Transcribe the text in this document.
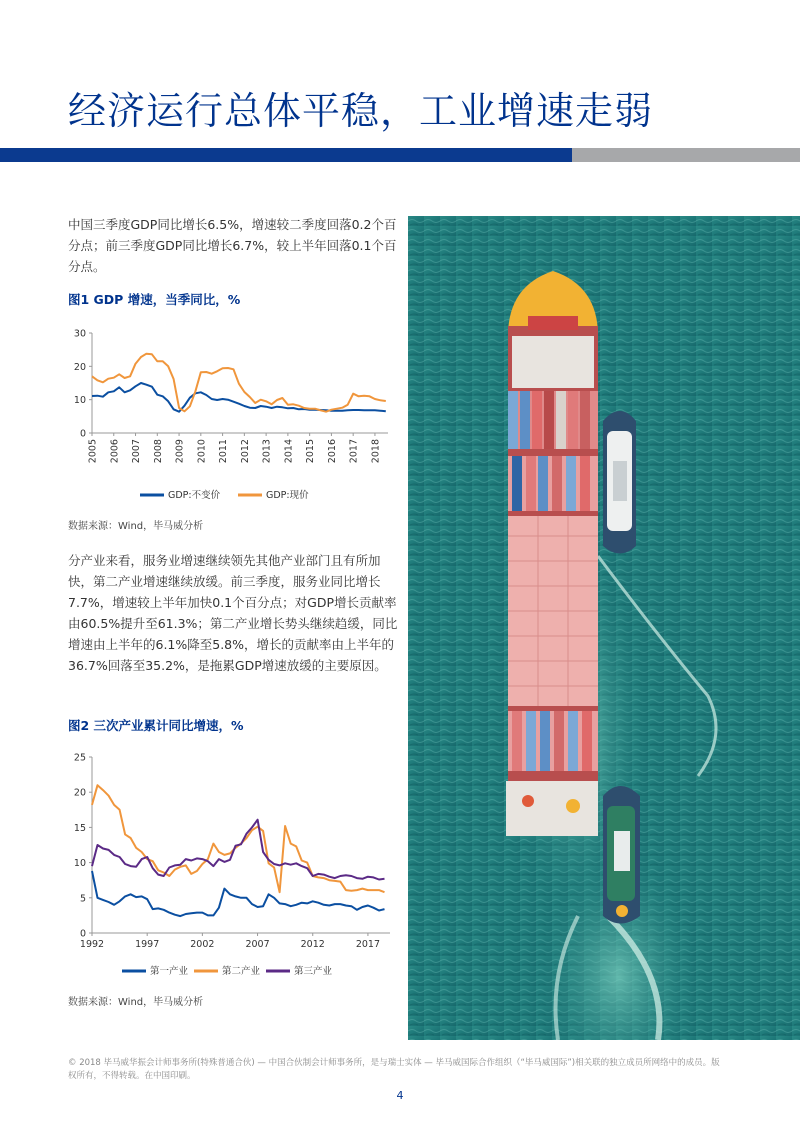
经济运行总体平稳，工业增速走弱

中国三季度GDP同比增长6.5%，增速较二季度回落0.2个百分点；前三季度GDP同比增长6.7%，较上半年回落0.1个百分点。

图1 GDP 增速，当季同比，%
0
10
20
30
2005 2006 2007 2008 2009 2010 2011 2012 2013 2014 2015 2016 2017 2018
GDP:不变价	GDP:现价
数据来源：Wind，毕马威分析

分产业来看，服务业增速继续领先其他产业部门且有所加快，第二产业增速继续放缓。前三季度，服务业同比增长7.7%，增速较上半年加快0.1个百分点；对GDP增长贡献率由60.5%提升至61.3%；第二产业增长势头继续趋缓，同比增速由上半年的6.1%降至5.8%，增长的贡献率由上半年的36.7%回落至35.2%，是拖累GDP增速放缓的主要原因。

图2 三次产业累计同比增速，%
0
5
10
15
20
25
1992	1997	2002	2007	2012	2017
第一产业	第二产业	第三产业
数据来源：Wind，毕马威分析
© 2018 毕马威华振会计师事务所(特殊普通合伙) — 中国合伙制会计师事务所，是与瑞士实体 — 毕马威国际合作组织（“毕马威国际”)相关联的独立成员所网络中的成员。版权所有，不得转载。在中国印刷。
4
